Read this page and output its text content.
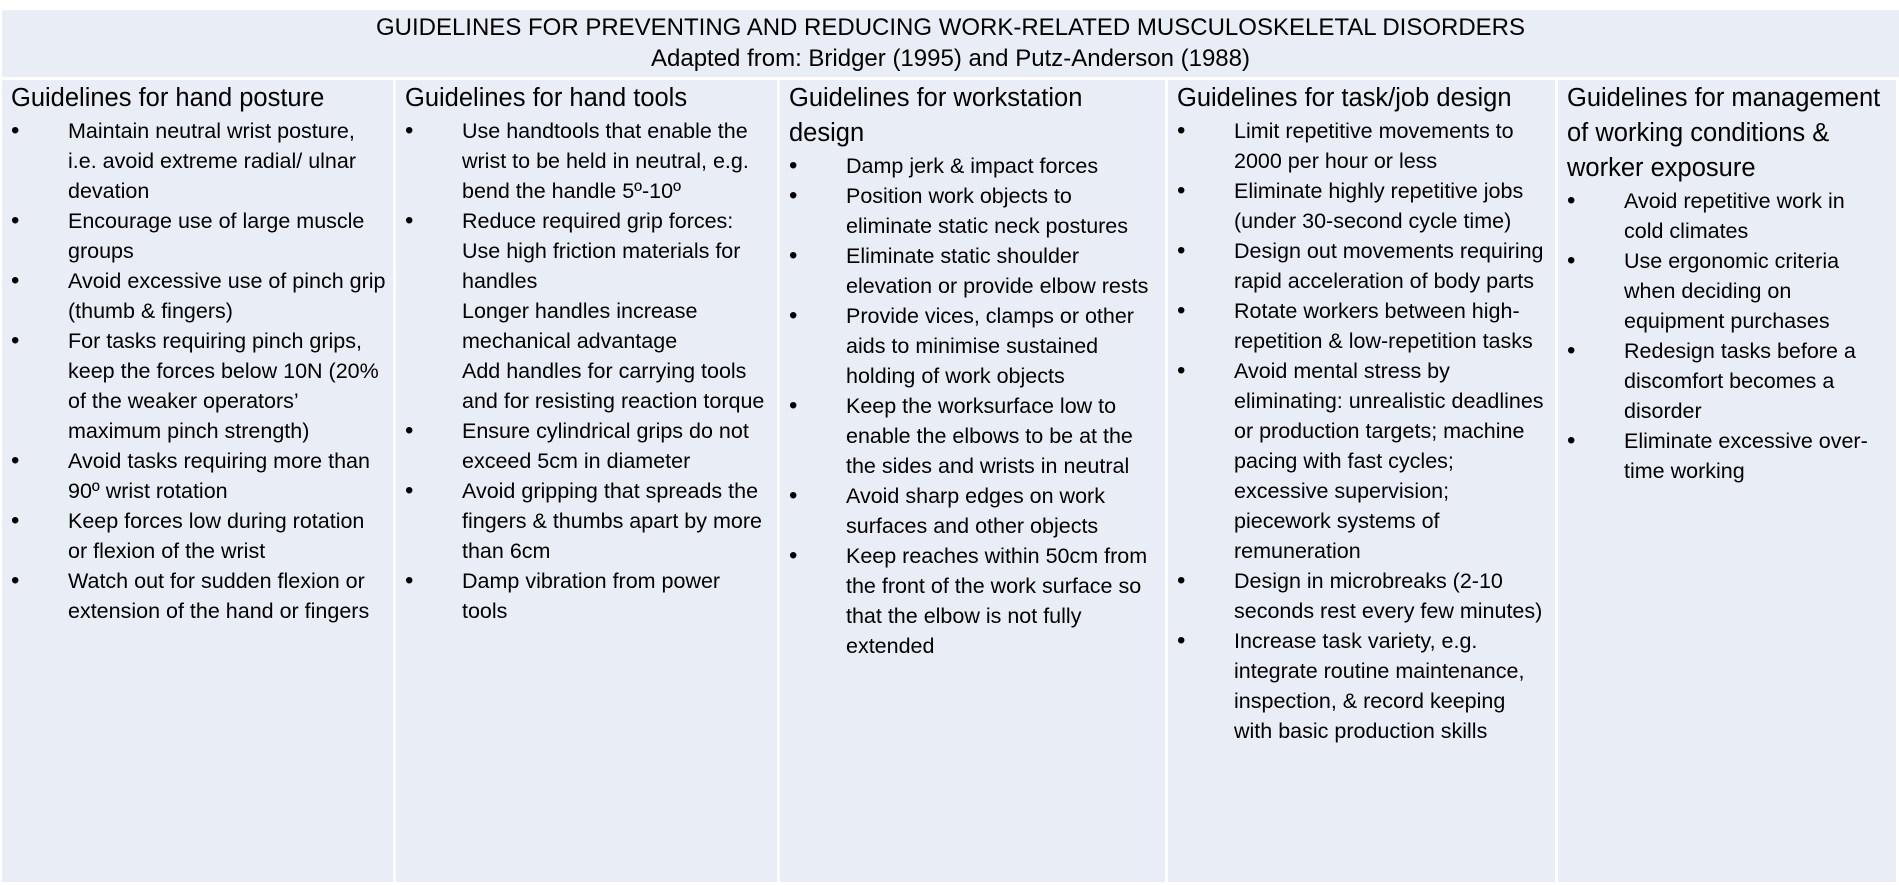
GUIDELINES FOR PREVENTING AND REDUCING WORK-RELATED MUSCULOSKELETAL DISORDERS
Adapted from: Bridger (1995) and Putz-Anderson (1988)
Guidelines for hand posture
• Maintain neutral wrist posture, i.e. avoid extreme radial/ ulnar devation
• Encourage use of large muscle groups
• Avoid excessive use of pinch grip (thumb & fingers)
• For tasks requiring pinch grips, keep the forces below 10N (20% of the weaker operators’ maximum pinch strength)
• Avoid tasks requiring more than 90º wrist rotation
• Keep forces low during rotation or flexion of the wrist
• Watch out for sudden flexion or extension of the hand or fingers
Guidelines for hand tools
• Use handtools that enable the wrist to be held in neutral, e.g. bend the handle 5º-10º
• Reduce required grip forces: Use high friction materials for handles
Longer handles increase mechanical advantage
Add handles for carrying tools and for resisting reaction torque
• Ensure cylindrical grips do not exceed 5cm in diameter
• Avoid gripping that spreads the fingers & thumbs apart by more than 6cm
• Damp vibration from power tools
Guidelines for workstation design
• Damp jerk & impact forces
• Position work objects to eliminate static neck postures
• Eliminate static shoulder elevation or provide elbow rests
• Provide vices, clamps or other aids to minimise sustained holding of work objects
• Keep the worksurface low to enable the elbows to be at the the sides and wrists in neutral
• Avoid sharp edges on work surfaces and other objects
• Keep reaches within 50cm from the front of the work surface so that the elbow is not fully extended
Guidelines for task/job design
• Limit repetitive movements to 2000 per hour or less
• Eliminate highly repetitive jobs (under 30-second cycle time)
• Design out movements requiring rapid acceleration of body parts
• Rotate workers between high-repetition & low-repetition tasks
• Avoid mental stress by eliminating: unrealistic deadlines or production targets; machine pacing with fast cycles; excessive supervision; piecework systems of remuneration
• Design in microbreaks (2-10 seconds rest every few minutes)
• Increase task variety, e.g. integrate routine maintenance, inspection, & record keeping with basic production skills
Guidelines for management of working conditions & worker exposure
• Avoid repetitive work in cold climates
• Use ergonomic criteria when deciding on equipment purchases
• Redesign tasks before a discomfort becomes a disorder
• Eliminate excessive over-time working
